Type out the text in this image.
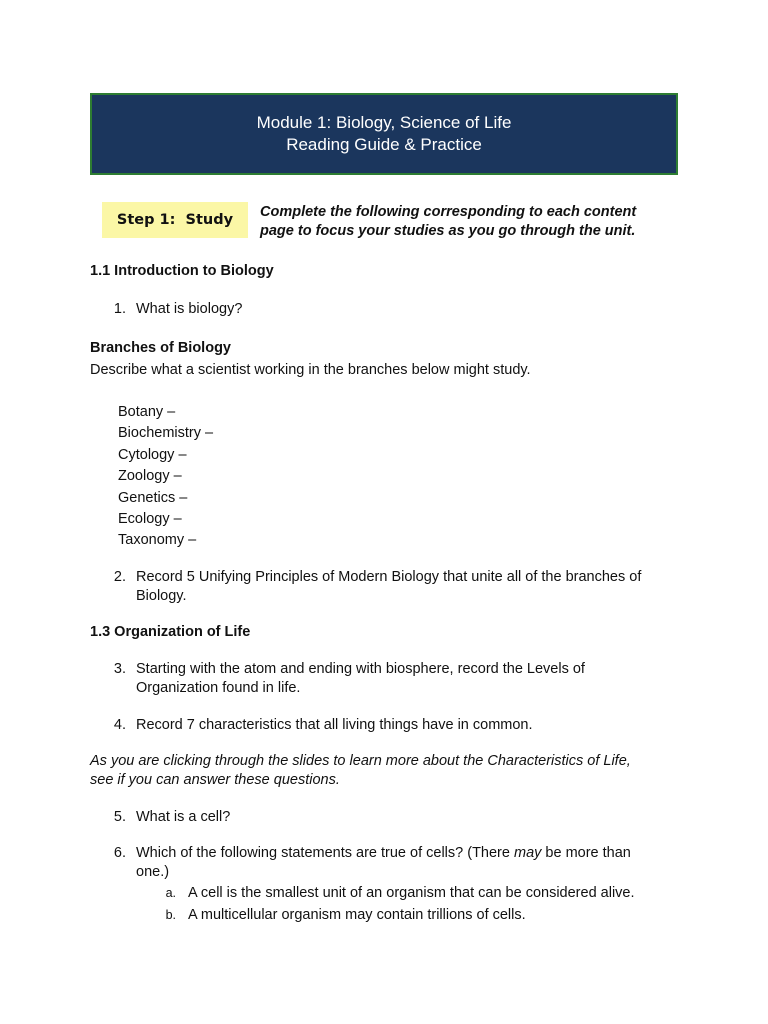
Module 1: Biology, Science of Life
Reading Guide & Practice
Step 1:  Study	Complete the following corresponding to each content
page to focus your studies as you go through the unit.
1.1 Introduction to Biology
1. What is biology?
Branches of Biology
Describe what a scientist working in the branches below might study.
Botany –
Biochemistry –
Cytology –
Zoology –
Genetics –
Ecology –
Taxonomy –
2. Record 5 Unifying Principles of Modern Biology that unite all of the branches of
Biology.
1.3 Organization of Life
3. Starting with the atom and ending with biosphere, record the Levels of
Organization found in life.
4. Record 7 characteristics that all living things have in common.
As you are clicking through the slides to learn more about the Characteristics of Life,
see if you can answer these questions.
5. What is a cell?
6. Which of the following statements are true of cells? (There may be more than
one.)
a. A cell is the smallest unit of an organism that can be considered alive.
b. A multicellular organism may contain trillions of cells.
